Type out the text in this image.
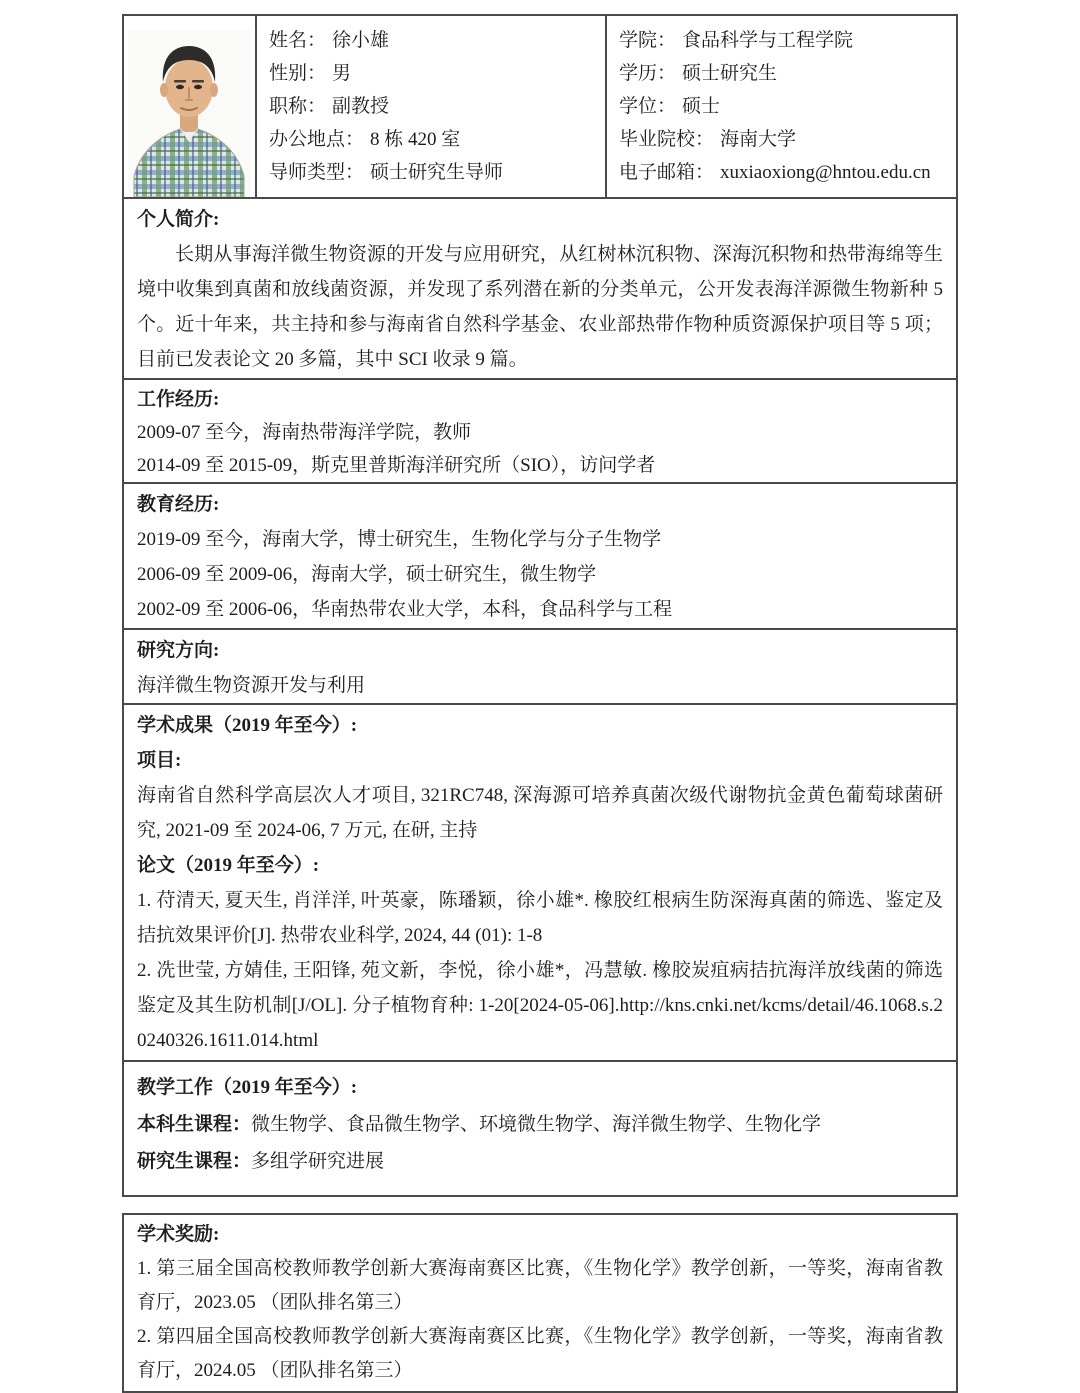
姓名： 徐小雄
性别： 男
职称： 副教授
办公地点： 8 栋 420 室
导师类型： 硕士研究生导师
学院： 食品科学与工程学院
学历： 硕士研究生
学位： 硕士
毕业院校： 海南大学
电子邮箱： xuxiaoxiong@hntou.edu.cn
个人简介:
长期从事海洋微生物资源的开发与应用研究，从红树林沉积物、深海沉积物和热带海绵等生境中收集到真菌和放线菌资源，并发现了系列潜在新的分类单元，公开发表海洋源微生物新种 5 个。近十年来，共主持和参与海南省自然科学基金、农业部热带作物种质资源保护项目等 5 项；目前已发表论文 20 多篇，其中 SCI 收录 9 篇。
工作经历:
2009-07 至今，海南热带海洋学院，教师
2014-09 至 2015-09，斯克里普斯海洋研究所（SIO），访问学者
教育经历:
2019-09 至今，海南大学，博士研究生，生物化学与分子生物学
2006-09 至 2009-06，海南大学，硕士研究生，微生物学
2002-09 至 2006-06，华南热带农业大学，本科，食品科学与工程
研究方向:
海洋微生物资源开发与利用
学术成果（2019 年至今）:
项目:
海南省自然科学高层次人才项目, 321RC748, 深海源可培养真菌次级代谢物抗金黄色葡萄球菌研究, 2021-09 至 2024-06, 7 万元, 在研, 主持
论文（2019 年至今）:
1. 苻清天, 夏天生, 肖洋洋, 叶英豪，陈璠颖，徐小雄*. 橡胶红根病生防深海真菌的筛选、鉴定及拮抗效果评价[J]. 热带农业科学, 2024, 44 (01): 1-8
2. 冼世莹, 方婧佳, 王阳锋, 苑文新，李悦，徐小雄*，冯慧敏. 橡胶炭疽病拮抗海洋放线菌的筛选鉴定及其生防机制[J/OL]. 分子植物育种: 1-20[2024-05-06].http://kns.cnki.net/kcms/detail/46.1068.s.20240326.1611.014.html
教学工作（2019 年至今）:
本科生课程：微生物学、食品微生物学、环境微生物学、海洋微生物学、生物化学
研究生课程：多组学研究进展
学术奖励:
1. 第三届全国高校教师教学创新大赛海南赛区比赛，《生物化学》教学创新，一等奖，海南省教育厅，2023.05 （团队排名第三）
2. 第四届全国高校教师教学创新大赛海南赛区比赛，《生物化学》教学创新，一等奖，海南省教育厅，2024.05 （团队排名第三）
